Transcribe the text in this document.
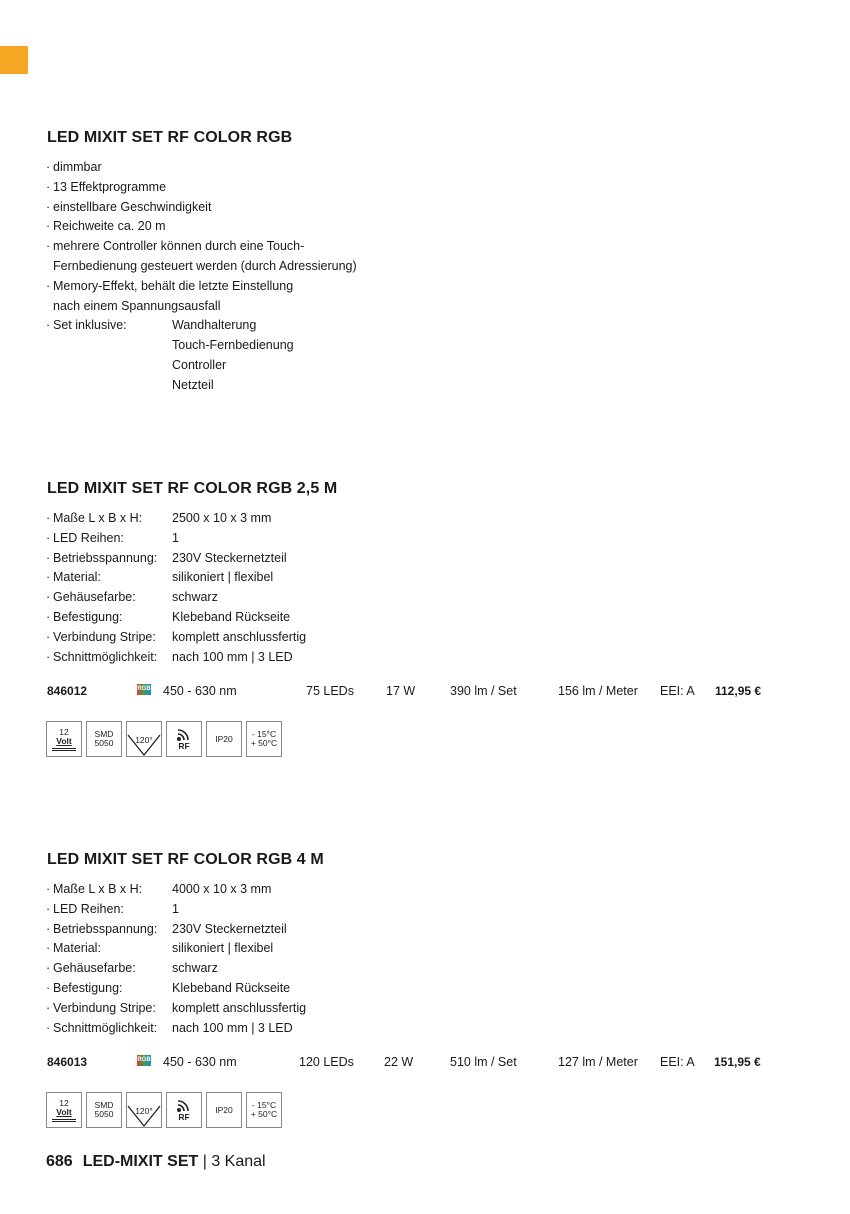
LED MIXIT SET RF COLOR RGB
· dimmbar
· 13 Effektprogramme
· einstellbare Geschwindigkeit
· Reichweite ca. 20 m
· mehrere Controller können durch eine Touch-
Fernbedienung gesteuert werden (durch Adressierung)
· Memory-Effekt, behält die letzte Einstellung
nach einem Spannungsausfall
· Set inklusive:	Wandhalterung
Touch-Fernbedienung
Controller
Netzteil
LED MIXIT SET RF COLOR RGB 2,5 M
· Maße L x B x H:	2500 x 10 x 3 mm
· LED Reihen:	1
· Betriebsspannung:	230V Steckernetzteil
· Material:	silikoniert | flexibel
· Gehäusefarbe:	schwarz
· Befestigung:	Klebeband Rückseite
· Verbindung Stripe:	komplett anschlussfertig
· Schnittmöglichkeit:	nach 100 mm | 3 LED
846012	RGB 450 - 630 nm	75 LEDs	17 W	390 lm / Set	156 lm / Meter EEI: A 112,95 €
12
Volt
SMD
5050	120°
RF
IP20 - 15°C
+ 50°C
LED MIXIT SET RF COLOR RGB 4 M
· Maße L x B x H:	4000 x 10 x 3 mm
· LED Reihen:	1
· Betriebsspannung:	230V Steckernetzteil
· Material:	silikoniert | flexibel
· Gehäusefarbe:	schwarz
· Befestigung:	Klebeband Rückseite
· Verbindung Stripe:	komplett anschlussfertig
· Schnittmöglichkeit:	nach 100 mm | 3 LED
846013	RGB 450 - 630 nm	120 LEDs 22 W	510 lm / Set	127 lm / Meter EEI: A 151,95 €
12
Volt
SMD
5050	120°
RF
IP20 - 15°C
+ 50°C
686 LED-MIXIT SET | 3 Kanal
